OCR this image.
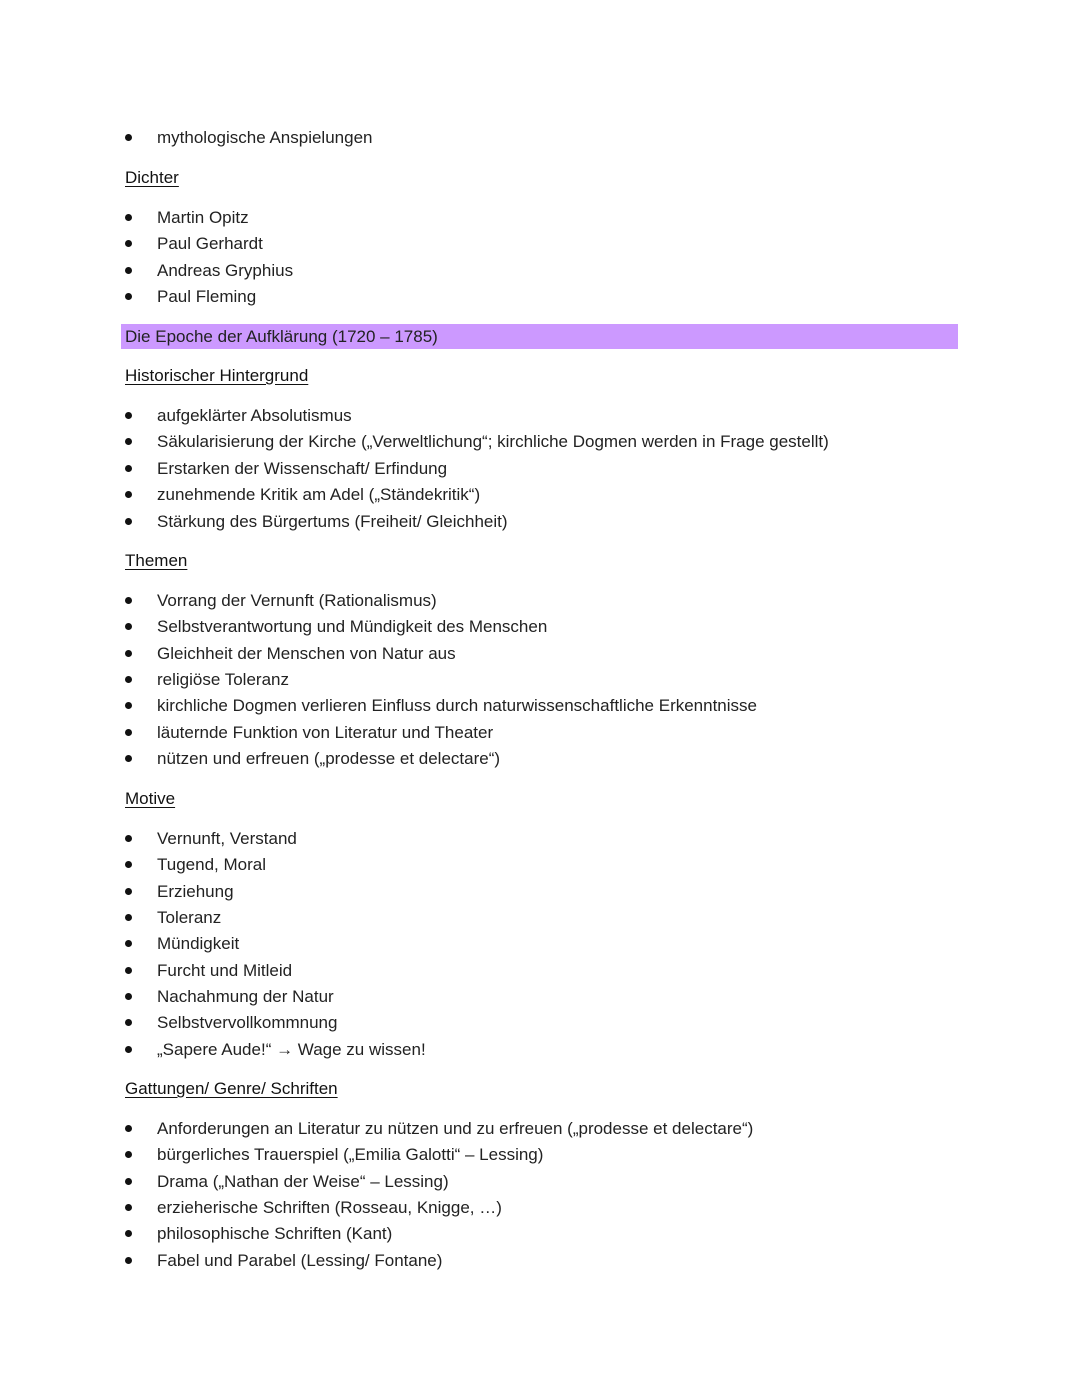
mythologische Anspielungen
Dichter
Martin Opitz
Paul Gerhardt
Andreas Gryphius
Paul Fleming
Die Epoche der Aufklärung (1720 – 1785)
Historischer Hintergrund
aufgeklärter Absolutismus
Säkularisierung der Kirche („Verweltlichung“; kirchliche Dogmen werden in Frage gestellt)
Erstarken der Wissenschaft/ Erfindung
zunehmende Kritik am Adel („Ständekritik“)
Stärkung des Bürgertums (Freiheit/ Gleichheit)
Themen
Vorrang der Vernunft (Rationalismus)
Selbstverantwortung und Mündigkeit des Menschen
Gleichheit der Menschen von Natur aus
religiöse Toleranz
kirchliche Dogmen verlieren Einfluss durch naturwissenschaftliche Erkenntnisse
läuternde Funktion von Literatur und Theater
nützen und erfreuen („prodesse et delectare“)
Motive
Vernunft, Verstand
Tugend, Moral
Erziehung
Toleranz
Mündigkeit
Furcht und Mitleid
Nachahmung der Natur
Selbstvervollkommnung
„Sapere Aude!“ → Wage zu wissen!
Gattungen/ Genre/ Schriften
Anforderungen an Literatur zu nützen und zu erfreuen („prodesse et delectare“)
bürgerliches Trauerspiel („Emilia Galotti“ – Lessing)
Drama („Nathan der Weise“ – Lessing)
erzieherische Schriften (Rosseau, Knigge, …)
philosophische Schriften (Kant)
Fabel und Parabel (Lessing/ Fontane)
